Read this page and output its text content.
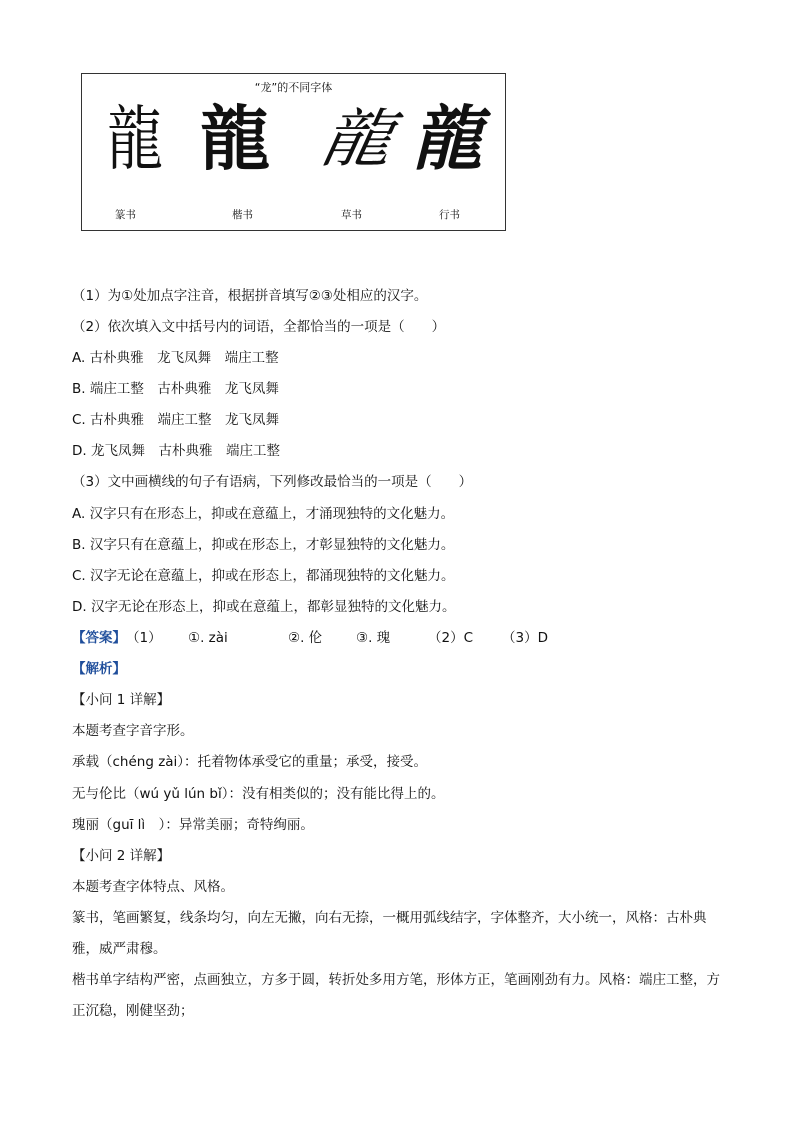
“龙”的不同字体
龍 龍 龍 龍
篆书	楷书	草书	行书
（1）为①处加点字注音，根据拼音填写②③处相应的汉字。
（2）依次填入文中括号内的词语，全都恰当的一项是（　　）
A. 古朴典雅　龙飞凤舞　端庄工整
B. 端庄工整　古朴典雅　龙飞凤舞
C. 古朴典雅　端庄工整　龙飞凤舞
D. 龙飞凤舞　古朴典雅　端庄工整
（3）文中画横线的句子有语病，下列修改最恰当的一项是（　　）
A. 汉字只有在形态上，抑或在意蕴上，才涌现独特的文化魅力。
B. 汉字只有在意蕴上，抑或在形态上，才彰显独特的文化魅力。
C. 汉字无论在意蕴上，抑或在形态上，都涌现独特的文化魅力。
D. 汉字无论在形态上，抑或在意蕴上，都彰显独特的文化魅力。
【答案】（1） ①. zài	②. 伦	③. 瑰	（2）C （3）D
【解析】
【小问 1 详解】
本题考查字音字形。
承载（chéng zài）：托着物体承受它的重量；承受，接受。
无与伦比（wú yǔ lún bǐ）：没有相类似的；没有能比得上的。
瑰丽（guī lì　）：异常美丽；奇特绚丽。
【小问 2 详解】
本题考查字体特点、风格。
篆书，笔画繁复，线条均匀，向左无撇，向右无捺，一概用弧线结字，字体整齐，大小统一，风格：古朴典雅，威严肃穆。
楷书单字结构严密，点画独立，方多于圆，转折处多用方笔，形体方正，笔画刚劲有力。风格：端庄工整，方正沉稳，刚健坚劲；
